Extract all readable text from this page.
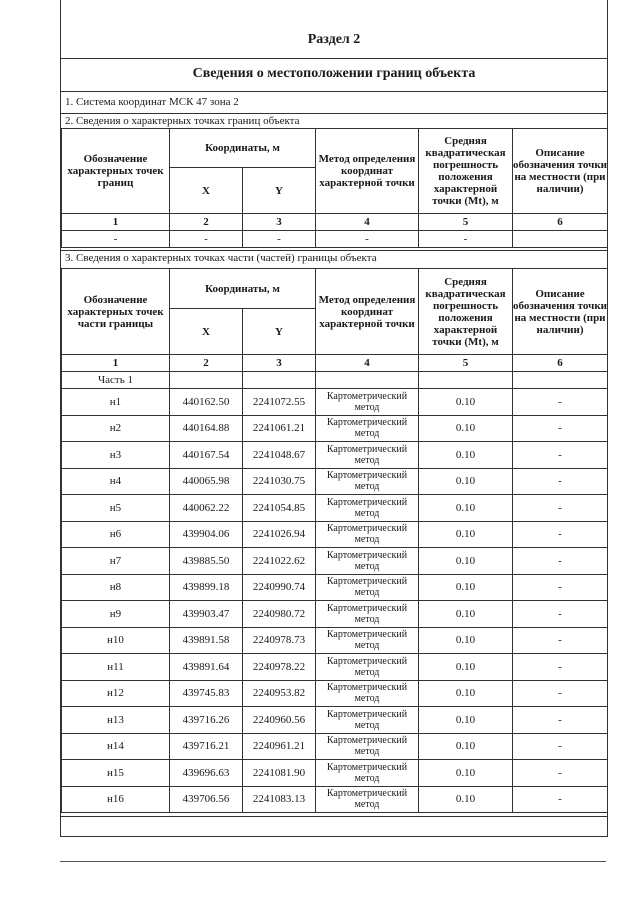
Раздел 2
Сведения о местоположении границ объекта
1. Система координат МСК 47 зона 2
2. Сведения о характерных точках границ объекта
Обозначение характерных точек границ	Координаты, м		Метод определения координат характерной точки	Средняя квадратическая погрешность положения характерной точки (Mt), м	Описание обозначения точки на местности (при наличии)
	X	Y			
1	2	3	4	5	6
-	-	-	-	-	
3. Сведения о характерных точках части (частей) границы объекта
Обозначение характерных точек части границы	Координаты, м		Метод определения координат характерной точки	Средняя квадратическая погрешность положения характерной точки (Mt), м	Описание обозначения точки на местности (при наличии)
	X	Y			
1	2	3	4	5	6
Часть 1					
н1	440162.50	2241072.55	Картометрический метод	0.10	-
н2	440164.88	2241061.21	Картометрический метод	0.10	-
н3	440167.54	2241048.67	Картометрический метод	0.10	-
н4	440065.98	2241030.75	Картометрический метод	0.10	-
н5	440062.22	2241054.85	Картометрический метод	0.10	-
н6	439904.06	2241026.94	Картометрический метод	0.10	-
н7	439885.50	2241022.62	Картометрический метод	0.10	-
н8	439899.18	2240990.74	Картометрический метод	0.10	-
н9	439903.47	2240980.72	Картометрический метод	0.10	-
н10	439891.58	2240978.73	Картометрический метод	0.10	-
н11	439891.64	2240978.22	Картометрический метод	0.10	-
н12	439745.83	2240953.82	Картометрический метод	0.10	-
н13	439716.26	2240960.56	Картометрический метод	0.10	-
н14	439716.21	2240961.21	Картометрический метод	0.10	-
н15	439696.63	2241081.90	Картометрический метод	0.10	-
н16	439706.56	2241083.13	Картометрический метод	0.10	-
